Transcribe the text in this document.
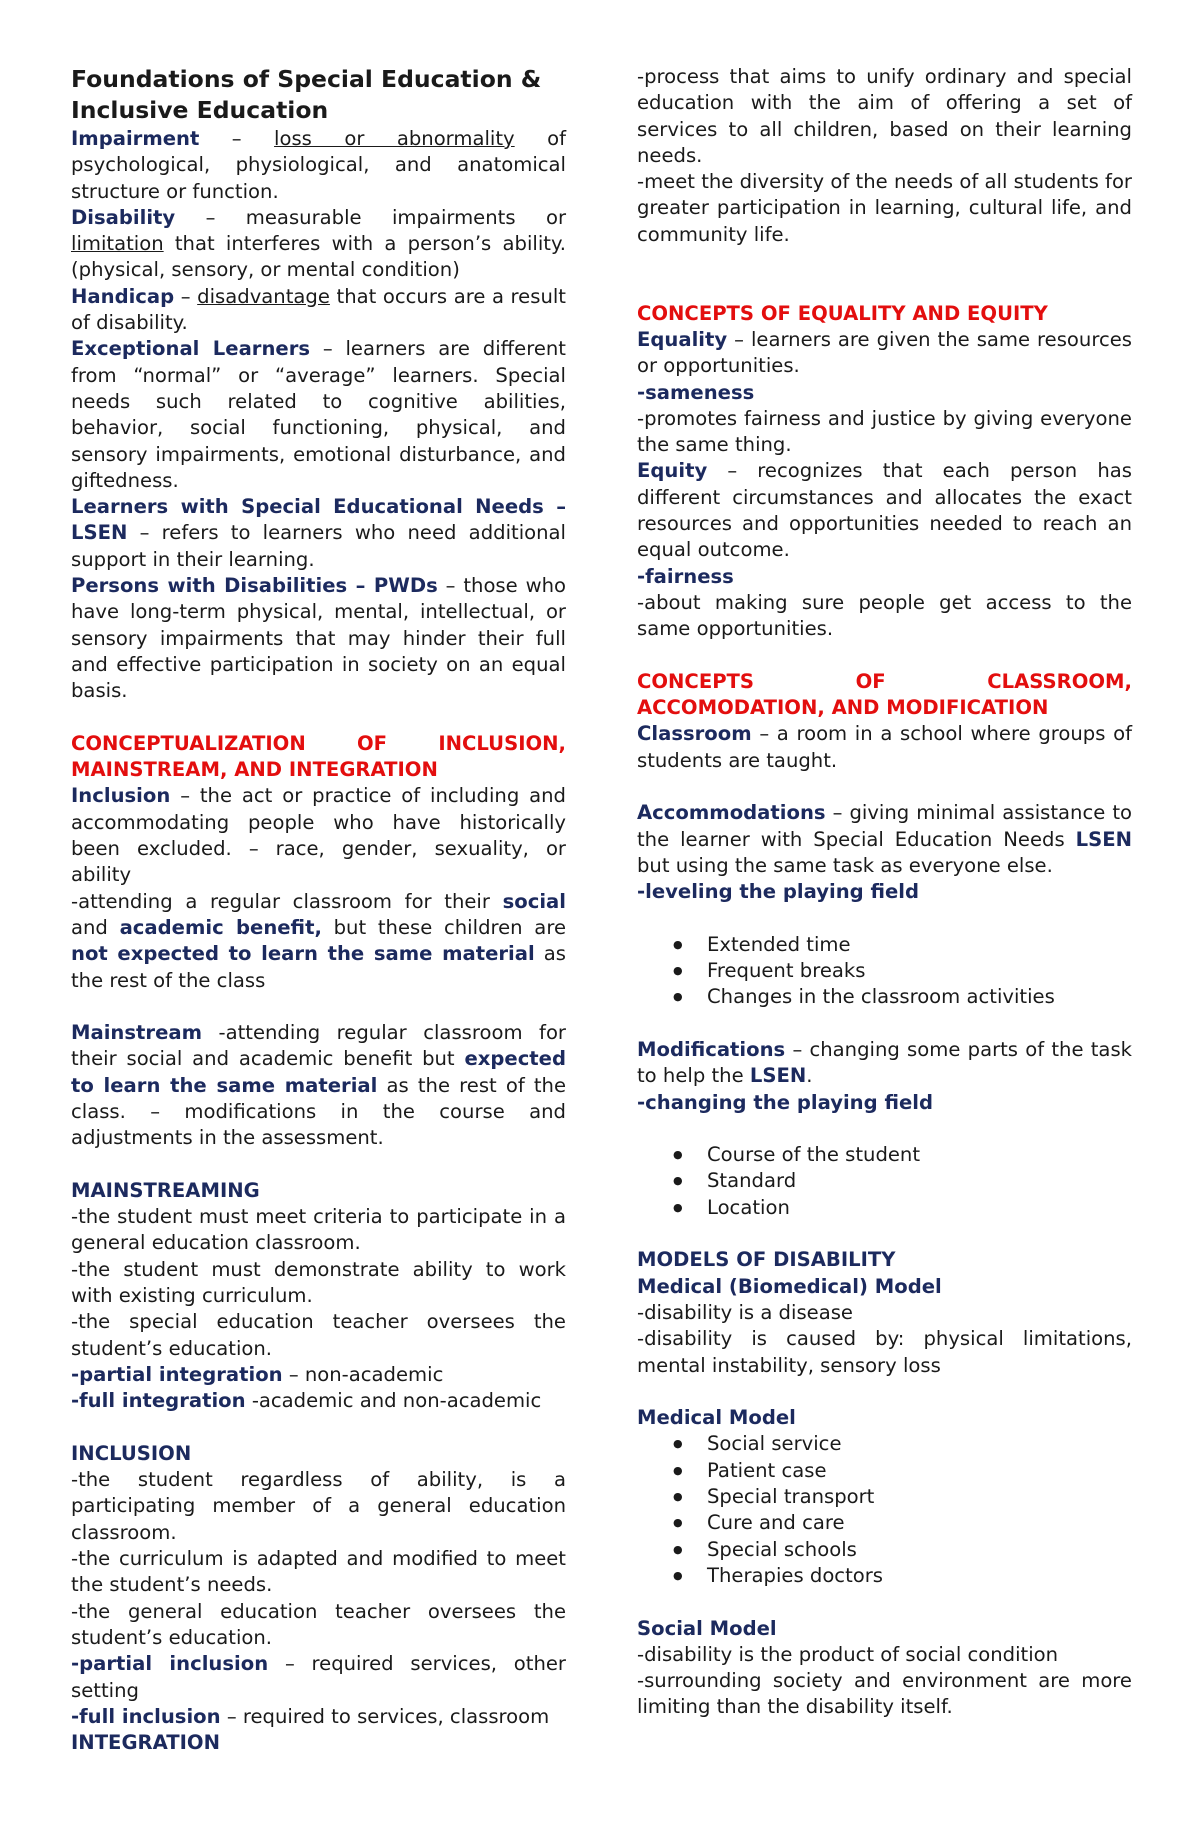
Foundations of Special Education & Inclusive Education

Impairment – loss or abnormality of psychological, physiological, and anatomical structure or function.

Disability – measurable impairments or limitation that interferes with a person’s ability. (physical, sensory, or mental condition)

Handicap – disadvantage that occurs are a result of disability.

Exceptional Learners – learners are different from “normal” or “average” learners. Special needs such related to cognitive abilities, behavior, social functioning, physical, and sensory impairments, emotional disturbance, and giftedness.

Learners with Special Educational Needs – LSEN – refers to learners who need additional support in their learning.

Persons with Disabilities – PWDs – those who have long-term physical, mental, intellectual, or sensory impairments that may hinder their full and effective participation in society on an equal basis.

CONCEPTUALIZATION OF INCLUSION, MAINSTREAM, AND INTEGRATION

Inclusion – the act or practice of including and accommodating people who have historically been excluded. – race, gender, sexuality, or ability

-attending a regular classroom for their social and academic benefit, but these children are not expected to learn the same material as the rest of the class

Mainstream -attending regular classroom for their social and academic benefit but expected to learn the same material as the rest of the class. – modifications in the course and adjustments in the assessment.

MAINSTREAMING

-the student must meet criteria to participate in a general education classroom.

-the student must demonstrate ability to work with existing curriculum.

-the special education teacher oversees the student’s education.

-partial integration – non-academic

-full integration -academic and non-academic

INCLUSION

-the student regardless of ability, is a participating member of a general education classroom.

-the curriculum is adapted and modified to meet the student’s needs.

-the general education teacher oversees the student’s education.

-partial inclusion – required services, other setting

-full inclusion – required to services, classroom

INTEGRATION

-process that aims to unify ordinary and special education with the aim of offering a set of services to all children, based on their learning needs.

-meet the diversity of the needs of all students for greater participation in learning, cultural life, and community life.

CONCEPTS OF EQUALITY AND EQUITY

Equality – learners are given the same resources or opportunities.

-sameness

-promotes fairness and justice by giving everyone the same thing.

Equity – recognizes that each person has different circumstances and allocates the exact resources and opportunities needed to reach an equal outcome.

-fairness

-about making sure people get access to the same opportunities.

CONCEPTS OF CLASSROOM, ACCOMODATION, AND MODIFICATION

Classroom – a room in a school where groups of students are taught.

Accommodations – giving minimal assistance to the learner with Special Education Needs LSEN but using the same task as everyone else.

-leveling the playing field

● Extended time
● Frequent breaks
● Changes in the classroom activities

Modifications – changing some parts of the task to help the LSEN.

-changing the playing field

● Course of the student
● Standard
● Location

MODELS OF DISABILITY

Medical (Biomedical) Model

-disability is a disease

-disability is caused by: physical limitations, mental instability, sensory loss

Medical Model

● Social service
● Patient case
● Special transport
● Cure and care
● Special schools
● Therapies doctors

Social Model

-disability is the product of social condition

-surrounding society and environment are more limiting than the disability itself.
